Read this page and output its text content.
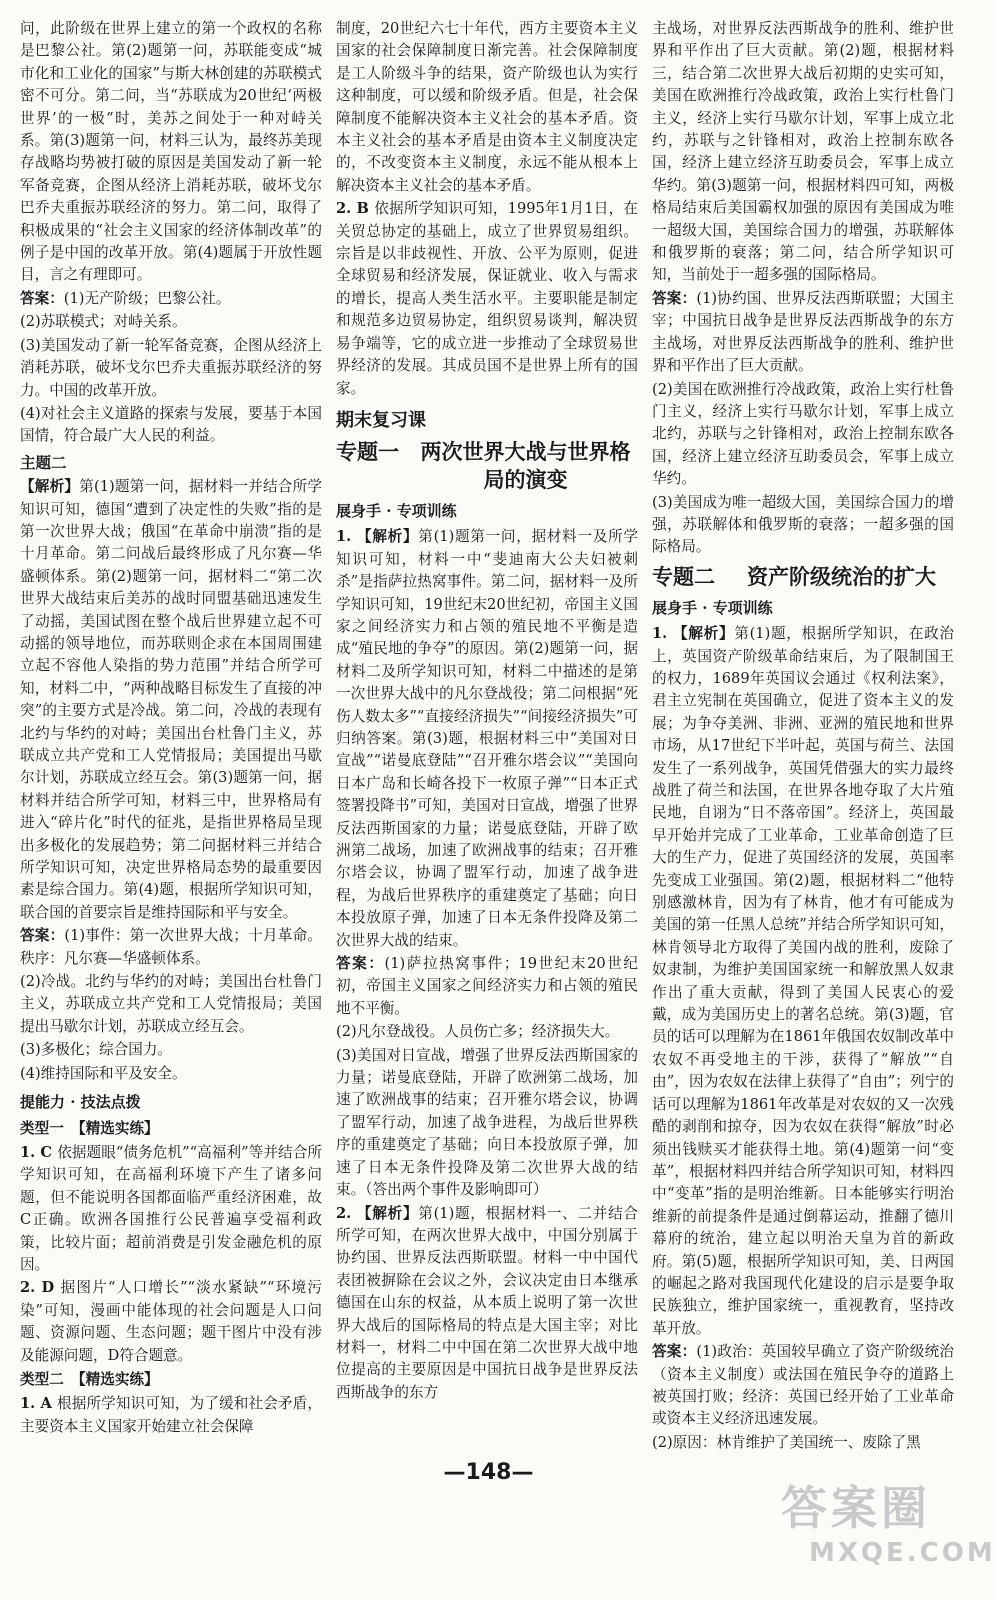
问，此阶级在世界上建立的第一个政权的名称是巴黎公社。第(2)题第一问，苏联能变成“城市化和工业化的国家”与斯大林创建的苏联模式密不可分。第二问，当“苏联成为20世纪‘两极世界’的一极”时，美苏之间处于一种对峙关系。第(3)题第一问，材料三认为，最终苏美现存战略均势被打破的原因是美国发动了新一轮军备竞赛，企图从经济上消耗苏联，破坏戈尔巴乔夫重振苏联经济的努力。第二问，取得了积极成果的“社会主义国家的经济体制改革”的例子是中国的改革开放。第(4)题属于开放性题目，言之有理即可。

答案：(1)无产阶级；巴黎公社。

(2)苏联模式；对峙关系。

(3)美国发动了新一轮军备竞赛，企图从经济上消耗苏联，破坏戈尔巴乔夫重振苏联经济的努力。中国的改革开放。

(4)对社会主义道路的探索与发展，要基于本国国情，符合最广大人民的利益。

主题二

【解析】第(1)题第一问，据材料一并结合所学知识可知，德国“遭到了决定性的失败”指的是第一次世界大战；俄国“在革命中崩溃”指的是十月革命。第二问战后最终形成了凡尔赛—华盛顿体系。第(2)题第一问，据材料二“第二次世界大战结束后美苏的战时同盟基础迅速发生了动摇，美国试图在整个战后世界建立起不可动摇的领导地位，而苏联则企求在本国周围建立起不容他人染指的势力范围”并结合所学可知，材料二中，“两种战略目标发生了直接的冲突”的主要方式是冷战。第二问，冷战的表现有北约与华约的对峙；美国出台杜鲁门主义，苏联成立共产党和工人党情报局；美国提出马歇尔计划，苏联成立经互会。第(3)题第一问，据材料并结合所学可知，材料三中，世界格局有进入“碎片化”时代的征兆，是指世界格局呈现出多极化的发展趋势；第二问据材料三并结合所学知识可知，决定世界格局态势的最重要因素是综合国力。第(4)题，根据所学知识可知，联合国的首要宗旨是维持国际和平与安全。

答案：(1)事件：第一次世界大战；十月革命。秩序：凡尔赛—华盛顿体系。

(2)冷战。北约与华约的对峙；美国出台杜鲁门主义，苏联成立共产党和工人党情报局；美国提出马歇尔计划，苏联成立经互会。

(3)多极化；综合国力。

(4)维持国际和平及安全。

提能力 · 技法点拨
类型一　【精选实练】

1. C 依据题眼“债务危机”“高福利”等并结合所学知识可知，在高福利环境下产生了诸多问题，但不能说明各国都面临严重经济困难，故C正确。欧洲各国推行公民普遍享受福利政策，比较片面；超前消费是引发金融危机的原因。

2. D 据图片“人口增长”“淡水紧缺”“环境污染”可知，漫画中能体现的社会问题是人口问题、资源问题、生态问题；题干图片中没有涉及能源问题，D符合题意。

类型二　【精选实练】

1. A 根据所学知识可知，为了缓和社会矛盾，主要资本主义国家开始建立社会保障

制度，20世纪六七十年代，西方主要资本主义国家的社会保障制度日渐完善。社会保障制度是工人阶级斗争的结果，资产阶级也认为实行这种制度，可以缓和阶级矛盾。但是，社会保障制度不能解决资本主义社会的基本矛盾。资本主义社会的基本矛盾是由资本主义制度决定的，不改变资本主义制度，永远不能从根本上解决资本主义社会的基本矛盾。

2. B 依据所学知识可知，1995年1月1日，在关贸总协定的基础上，成立了世界贸易组织。宗旨是以非歧视性、开放、公平为原则，促进全球贸易和经济发展，保证就业、收入与需求的增长，提高人类生活水平。主要职能是制定和规范多边贸易协定，组织贸易谈判，解决贸易争端等，它的成立进一步推动了全球贸易世界经济的发展。其成员国不是世界上所有的国家。

期末复习课
专题一	两次世界大战与世界格局的演变
展身手 · 专项训练

1. 【解析】第(1)题第一问，据材料一及所学知识可知，材料一中“斐迪南大公夫妇被刺杀”是指萨拉热窝事件。第二问，据材料一及所学知识可知，19世纪末20世纪初，帝国主义国家之间经济实力和占领的殖民地不平衡是造成“殖民地的争夺”的原因。第(2)题第一问，据材料二及所学知识可知，材料二中描述的是第一次世界大战中的凡尔登战役；第二问根据“死伤人数太多”“直接经济损失”“间接经济损失”可归纳答案。第(3)题，根据材料三中“美国对日宣战”“诺曼底登陆”“召开雅尔塔会议”“美国向日本广岛和长崎各投下一枚原子弹”“日本正式签署投降书”可知，美国对日宣战，增强了世界反法西斯国家的力量；诺曼底登陆，开辟了欧洲第二战场，加速了欧洲战事的结束；召开雅尔塔会议，协调了盟军行动，加速了战争进程，为战后世界秩序的重建奠定了基础；向日本投放原子弹，加速了日本无条件投降及第二次世界大战的结束。

答案：(1)萨拉热窝事件；19世纪末20世纪初，帝国主义国家之间经济实力和占领的殖民地不平衡。

(2)凡尔登战役。人员伤亡多；经济损失大。

(3)美国对日宣战，增强了世界反法西斯国家的力量；诺曼底登陆，开辟了欧洲第二战场，加速了欧洲战事的结束；召开雅尔塔会议，协调了盟军行动，加速了战争进程，为战后世界秩序的重建奠定了基础；向日本投放原子弹，加速了日本无条件投降及第二次世界大战的结束。（答出两个事件及影响即可）

2. 【解析】第(1)题，根据材料一、二并结合所学可知，在两次世界大战中，中国分别属于协约国、世界反法西斯联盟。材料一中中国代表团被摒除在会议之外，会议决定由日本继承德国在山东的权益，从本质上说明了第一次世界大战后的国际格局的特点是大国主宰；对比材料一，材料二中中国在第二次世界大战中地位提高的主要原因是中国抗日战争是世界反法西斯战争的东方

主战场，对世界反法西斯战争的胜利、维护世界和平作出了巨大贡献。第(2)题，根据材料三，结合第二次世界大战后初期的史实可知，美国在欧洲推行冷战政策，政治上实行杜鲁门主义，经济上实行马歇尔计划，军事上成立北约，苏联与之针锋相对，政治上控制东欧各国，经济上建立经济互助委员会，军事上成立华约。第(3)题第一问，根据材料四可知，两极格局结束后美国霸权加强的原因有美国成为唯一超级大国，美国综合国力的增强，苏联解体和俄罗斯的衰落；第二问，结合所学知识可知，当前处于一超多强的国际格局。

答案：(1)协约国、世界反法西斯联盟；大国主宰；中国抗日战争是世界反法西斯战争的东方主战场，对世界反法西斯战争的胜利、维护世界和平作出了巨大贡献。

(2)美国在欧洲推行冷战政策，政治上实行杜鲁门主义，经济上实行马歇尔计划，军事上成立北约，苏联与之针锋相对，政治上控制东欧各国，经济上建立经济互助委员会，军事上成立华约。

(3)美国成为唯一超级大国，美国综合国力的增强，苏联解体和俄罗斯的衰落；一超多强的国际格局。

专题二	资产阶级统治的扩大
展身手 · 专项训练

1. 【解析】第(1)题，根据所学知识，在政治上，英国资产阶级革命结束后，为了限制国王的权力，1689年英国议会通过《权利法案》，君主立宪制在英国确立，促进了资本主义的发展；为争夺美洲、非洲、亚洲的殖民地和世界市场，从17世纪下半叶起，英国与荷兰、法国发生了一系列战争，英国凭借强大的实力最终战胜了荷兰和法国，在世界各地夺取了大片殖民地，自诩为“日不落帝国”。经济上，英国最早开始并完成了工业革命，工业革命创造了巨大的生产力，促进了英国经济的发展，英国率先变成工业强国。第(2)题，根据材料二“他特别感激林肯，因为有了林肯，他才有可能成为美国的第一任黑人总统”并结合所学知识可知，林肯领导北方取得了美国内战的胜利，废除了奴隶制，为维护美国国家统一和解放黑人奴隶作出了重大贡献，得到了美国人民衷心的爱戴，成为美国历史上的著名总统。第(3)题，官员的话可以理解为在1861年俄国农奴制改革中农奴不再受地主的干涉，获得了“解放”“自由”，因为农奴在法律上获得了“自由”；列宁的话可以理解为1861年改革是对农奴的又一次残酷的剥削和掠夺，因为农奴在获得“解放”时必须出钱赎买才能获得土地。第(4)题第一问“变革”，根据材料四并结合所学知识可知，材料四中“变革”指的是明治维新。日本能够实行明治维新的前提条件是通过倒幕运动，推翻了德川幕府的统治，建立起以明治天皇为首的新政府。第(5)题，根据所学知识可知，美、日两国的崛起之路对我国现代化建设的启示是要争取民族独立，维护国家统一，重视教育，坚持改革开放。

答案：(1)政治：英国较早确立了资产阶级统治（资本主义制度）或法国在殖民争夺的道路上被英国打败；经济：英国已经开始了工业革命或资本主义经济迅速发展。

(2)原因：林肯维护了美国统一、废除了黑

—148—
答案圈
MXQE.COM
